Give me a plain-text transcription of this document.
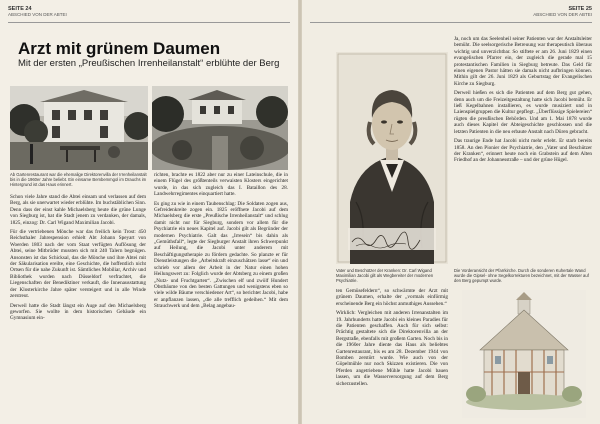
SEITE 24
ABSCHIED VON DER ABTEI
Arzt mit grünem Daumen
Mit der ersten „Preußischen Irrenheilanstalt“ erblühte der Berg
Ab Gartenrestaurant war die ehemalige Direktorenvilla der Irrenheilanstalt bis in die 1960er Jahre beliebt. Ein einsame Bembemmgol im Drauchs im Hintergrund ist das Haus erinnert.

Schon viele Jahre stand die Abtei einsam und verlassen auf dem Berg, als sie unerwartet wieder erblühte. Im buchstäblichen Sinn. Denn dass der einst kahle Michaelsberg heute die grüne Lunge von Siegburg ist, hat die Stadt jenem zu verdanken, der damals, 1825, einzog: Dr. Carl Wigand Maximilian Jacobi.

Für die vertriebenen Mönche war das freilich kein Trost: 450 Reichsthaler Jahrespension erhielt Abt Johann Speyart von Woerden 1803 nach der vom Staat verfügten Auflösung der Abtei, seine Mitbrüder mussten sich mit 240 Talern begnügen. Ansonsten ist das Schicksal, das die Mönche und ihre Abtei mit der Säkularisation ereilte, eine Geschichte, die hoffentlich nicht Ortsen für die nahe Zukunft ist. Sämtliches Mobiliar, Archiv und Bibliothek wurden nach Düsseldorf verfrachtet, die Liegenschaften der Benediktiner verkauft, die Innenausstattung der Klosterkirche Jahre später versteigert und in alle Winde zerstreut.

Derweil hatte die Stadt längst ein Auge auf den Michaelsberg geworfen. Sie wollte in dem historischen Gebäude ein Gymnasium ein-

richten, brachte es 1822 aber nur zu einer Lateinschule, die in einem Flügel des größtenteils verwaisten Klosters eingerichtet wurde, in das sich zugleich das I. Bataillon des 28. Landwehrregimentes einquartiert hatte.

Es ging zu wie in einem Taubenschlag: Die Soldaten zogen aus, Gefreidenkreite zogen ein. 1825 eröffnete Jacobi auf dem Michaelsberg die erste „Preußische Irrenheilanstalt“ und schlug damit nicht nur für Siegburg, sondern vor allem für die Psychiatrie ein neues Kapitel auf. Jacobi gilt als Begründer der modernen Psychiatrie. Galt das „Irresein“ bis dahin als „Gemüthsfall“, legte der Siegburger Anstalt ihren Schwerpunkt auf Heilung, die Jacobi unter anderem mit Beschäftigungstherapie zu fördern gedachte. So planzte er für Dienstleistungen die „Arbeitskraft einzuschätzen lasse“ ein und schrieb vor allem der Arbeit in der Natur einen hohen Heilungswert zu: Folglich wurde der Abtsberg zu einem großen „Nutz- und Fruchtgarten“. „Zwischen elf und zwölf Hundert Obstbäume von den besten Gattungen und wenigstens eben so viele wilde Bäume verschiedener Art“, so berichtet Jacobi, habe er anpflanzen lassen, „die alle trefflich gedeihen.“ Mit dem Strauchwerk und dem „Belag angebau-

SEITE 25
ABSCHIED VON DER ABTEI
Vater und Beschützer der Kranken: Dr. Carl Wigand Maximilian Jacobi gilt als Wegbereiter der modernen Psychiatrie.

ten Gemüsefeldern“, so schwärmte der Arzt mit grünem Daumen, erhalte der „vormals einförmig erscheinende Berg ein höchst anmuthiges Aussehen.“

Wirklich: Vergleichen mit anderen Irrenanstalten im 19. Jahrhunderts hatte Jacobi ein kleines Paradies für die Patienten geschaffen. Auch für sich selbst: Prächtig gestaltete sich die Direktorenvilla an der Bergstraße, ebenfalls mit großem Garten. Noch bis in die 1960er Jahre diente das Haus als beliebtes Gartenrestaurant, bis es am 28. Dezember 1944 von Bomben zerstört wurde. Wie auch von der Göpelmühle nur noch Skizzen existieren. Die von Pferden angetriebene Mühle hatte Jacobi bauen lassen, um die Wasserversorgung auf dem Berg sicherzustellen.

Ja, noch um das Seelenheil seiner Patienten war der Anstaltsleiter bemüht. Die seelsorgerische Betreuung war therapeutisch überaus wichtig und unverzichtbar. So stiftete er am 26. Juni 1829 einen evangelischen Pfarrer ein, der zugleich die gerade mal 15 protestantischen Familien in Siegburg betreute. Das Geld für einen eigenen Pastor hätten sie damals nicht aufbringen können. Mithin gilt der 26. Juni 1829 als Geburtstag der Evangelischen Kirche zu Siegburg.

Derweil hießen es sich die Patienten auf dem Berg gut gehen, denn auch um die Freizeitgestaltung hatte sich Jacobi bemüht. Er ließ Kegelbahnen installieren, es wurde musiziert und in Laienspielgruppen die Kultur gepflegt. „Überflüssige Spielereien“ rügten die preußischen Behörden. Und am 1. Mai 1878 wurde auch dieses Kapitel der Abteigeschichte geschlossen und die letzten Patienten in die neu erbaute Anstalt nach Düren gebracht.

Das traurige Ende hat Jacobi nicht mehr erlebt. Er starb bereits 1858. An den Pionier der Psychiatrie, den „Vater und Beschützer der Kranken“, erinnert heute noch ein Grabstein auf dem Alten Friedhof an der Johannesstraße – und der grüne Hügel.

Die Vorderansicht der Pfarrkirche. Durch die sonderen Kuhertale Wand wurde die Gipsel- ohne Segelkorrekturen bezeichnet, mit der Wasser auf den Berg gepumpt wurde.
